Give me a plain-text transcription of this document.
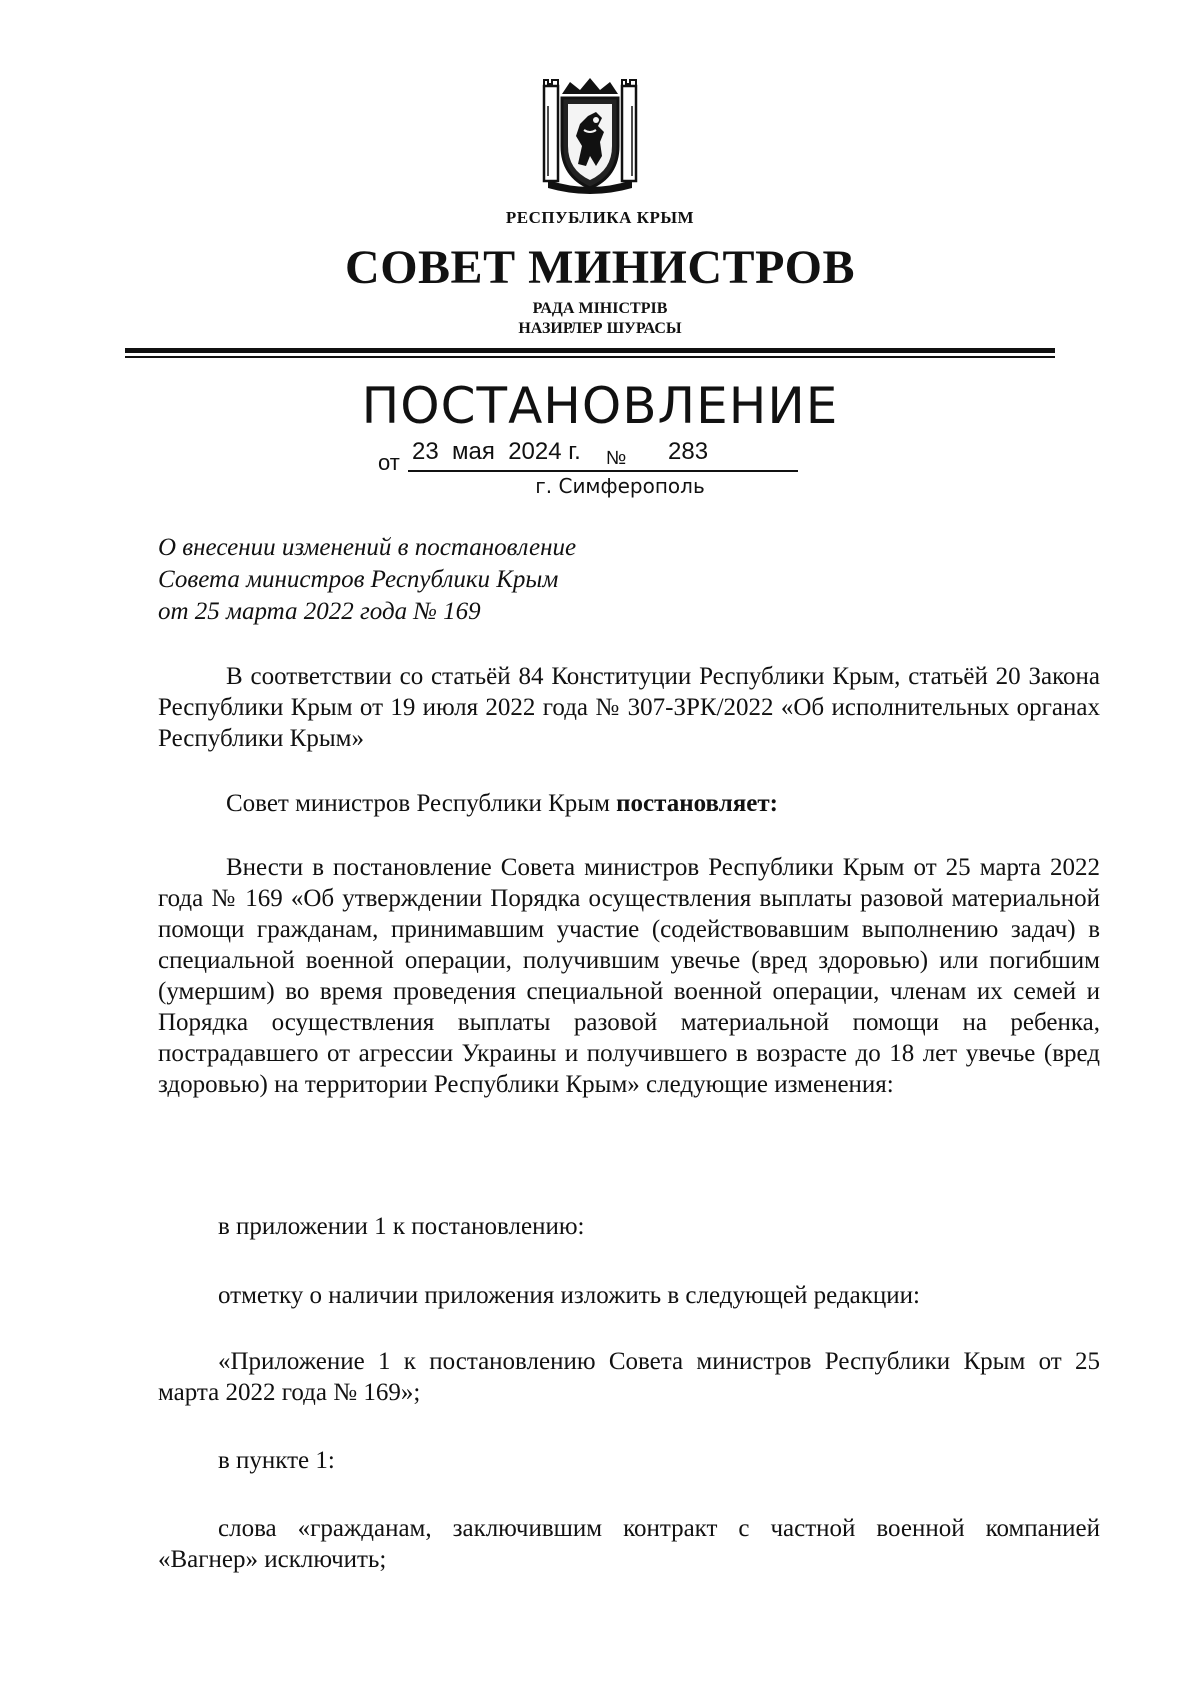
РЕСПУБЛИКА КРЫМ
СОВЕТ МИНИСТРОВ
РАДА МIНIСТРIВ
НАЗИРЛЕР ШУРАСЫ
ПОСТАНОВЛЕНИЕ
от 23  мая  2024 г. № 283
г. Симферополь
О внесении изменений в постановление
Совета министров Республики Крым
от 25 марта 2022 года № 169
В соответствии со статьёй 84 Конституции Республики Крым, статьёй 20 Закона Республики Крым от 19 июля 2022 года № 307-ЗРК/2022 «Об исполнительных органах Республики Крым»
Совет министров Республики Крым постановляет:
Внести в постановление Совета министров Республики Крым от 25 марта 2022 года № 169 «Об утверждении Порядка осуществления выплаты разовой материальной помощи гражданам, принимавшим участие (содействовавшим выполнению задач) в специальной военной операции, получившим увечье (вред здоровью) или погибшим (умершим) во время проведения специальной военной операции, членам их семей и Порядка осуществления выплаты разовой материальной помощи на ребенка, пострадавшего от агрессии Украины и получившего в возрасте до 18 лет увечье (вред здоровью) на территории Республики Крым» следующие изменения:
в приложении 1 к постановлению:
отметку о наличии приложения изложить в следующей редакции:
«Приложение 1 к постановлению Совета министров Республики Крым от 25 марта 2022 года № 169»;
в пункте 1:
слова «гражданам, заключившим контракт с частной военной компанией «Вагнер» исключить;
